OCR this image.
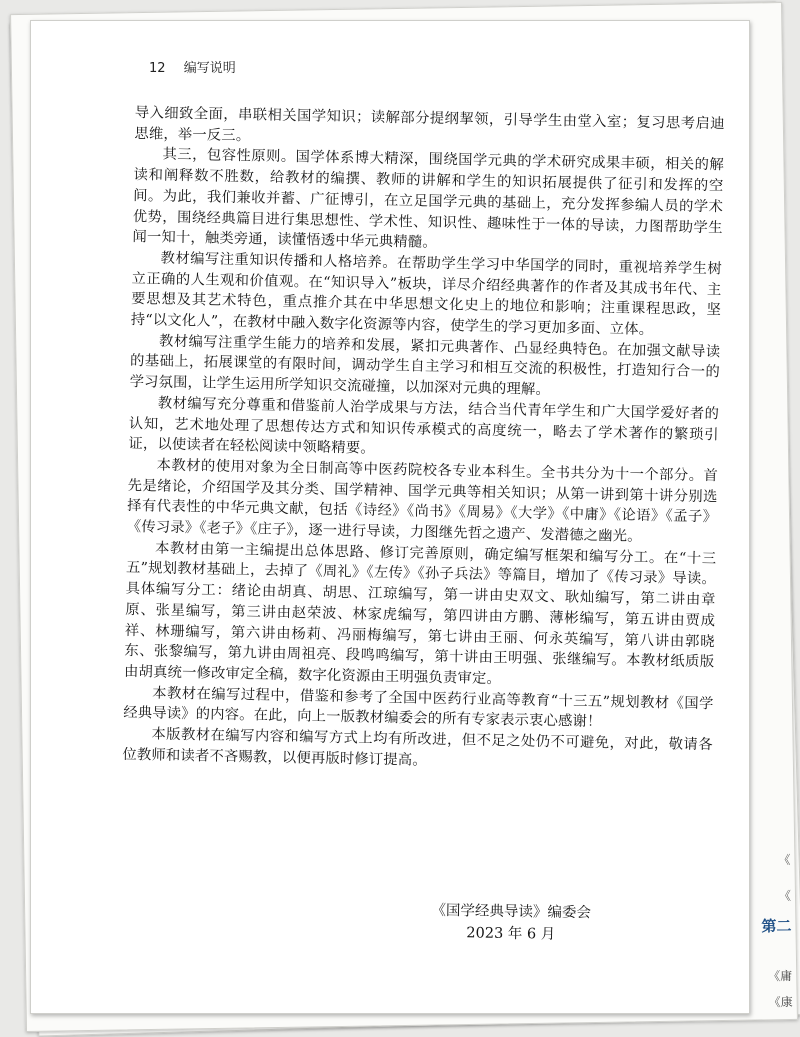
《
《
第二
《庸
《康
12 编写说明

导入细致全面，串联相关国学知识；读解部分提纲挈领，引导学生由堂入室；复习思考启迪思维，举一反三。

其三，包容性原则。国学体系博大精深，围绕国学元典的学术研究成果丰硕，相关的解读和阐释数不胜数，给教材的编撰、教师的讲解和学生的知识拓展提供了征引和发挥的空间。为此，我们兼收并蓄、广征博引，在立足国学元典的基础上，充分发挥参编人员的学术优势，围绕经典篇目进行集思想性、学术性、知识性、趣味性于一体的导读，力图帮助学生闻一知十，触类旁通，读懂悟透中华元典精髓。

教材编写注重知识传播和人格培养。在帮助学生学习中华国学的同时，重视培养学生树立正确的人生观和价值观。在“知识导入”板块，详尽介绍经典著作的作者及其成书年代、主要思想及其艺术特色，重点推介其在中华思想文化史上的地位和影响；注重课程思政，坚持“以文化人”，在教材中融入数字化资源等内容，使学生的学习更加多面、立体。

教材编写注重学生能力的培养和发展，紧扣元典著作、凸显经典特色。在加强文献导读的基础上，拓展课堂的有限时间，调动学生自主学习和相互交流的积极性，打造知行合一的学习氛围，让学生运用所学知识交流碰撞，以加深对元典的理解。

教材编写充分尊重和借鉴前人治学成果与方法，结合当代青年学生和广大国学爱好者的认知，艺术地处理了思想传达方式和知识传承模式的高度统一，略去了学术著作的繁琐引证，以使读者在轻松阅读中领略精要。

本教材的使用对象为全日制高等中医药院校各专业本科生。全书共分为十一个部分。首先是绪论，介绍国学及其分类、国学精神、国学元典等相关知识；从第一讲到第十讲分别选择有代表性的中华元典文献，包括《诗经》《尚书》《周易》《大学》《中庸》《论语》《孟子》《传习录》《老子》《庄子》，逐一进行导读，力图继先哲之遗产、发潜德之幽光。

本教材由第一主编提出总体思路、修订完善原则，确定编写框架和编写分工。在“十三五”规划教材基础上，去掉了《周礼》《左传》《孙子兵法》等篇目，增加了《传习录》导读。具体编写分工：绪论由胡真、胡思、江琼编写，第一讲由史双文、耿灿编写，第二讲由章原、张星编写，第三讲由赵荣波、林家虎编写，第四讲由方鹏、薄彬编写，第五讲由贾成祥、林珊编写，第六讲由杨莉、冯丽梅编写，第七讲由王丽、何永英编写，第八讲由郭晓东、张黎编写，第九讲由周祖亮、段鸣鸣编写，第十讲由王明强、张继编写。本教材纸质版由胡真统一修改审定全稿，数字化资源由王明强负责审定。

本教材在编写过程中，借鉴和参考了全国中医药行业高等教育“十三五”规划教材《国学经典导读》的内容。在此，向上一版教材编委会的所有专家表示衷心感谢！

本版教材在编写内容和编写方式上均有所改进，但不足之处仍不可避免，对此，敬请各位教师和读者不吝赐教，以便再版时修订提高。

《国学经典导读》编委会
2023 年 6 月
